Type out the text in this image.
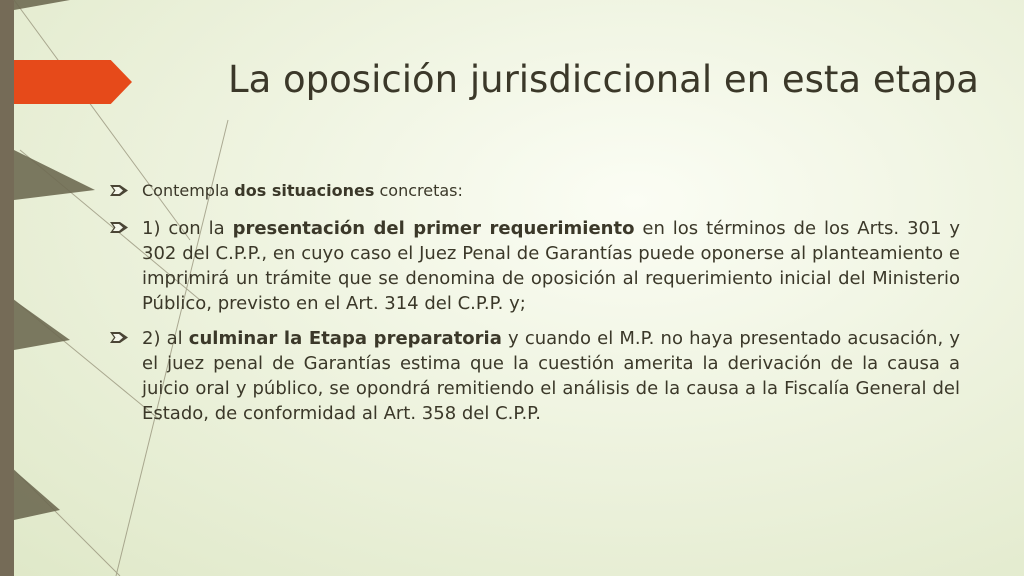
La oposición jurisdiccional en esta etapa
Contempla dos situaciones concretas:
1) con la presentación del primer requerimiento en los términos de los Arts. 301 y 302 del C.P.P., en cuyo caso el Juez Penal de Garantías puede oponerse al planteamiento e imprimirá un trámite que se denomina de oposición al requerimiento inicial del Ministerio Público, previsto en el Art. 314 del C.P.P. y;
2) al culminar la Etapa preparatoria y cuando el M.P. no haya presentado acusación, y el juez penal de Garantías estima que la cuestión amerita la derivación de la causa a juicio oral y público, se opondrá remitiendo el análisis de la causa a la Fiscalía General del Estado, de conformidad al Art. 358 del C.P.P.
